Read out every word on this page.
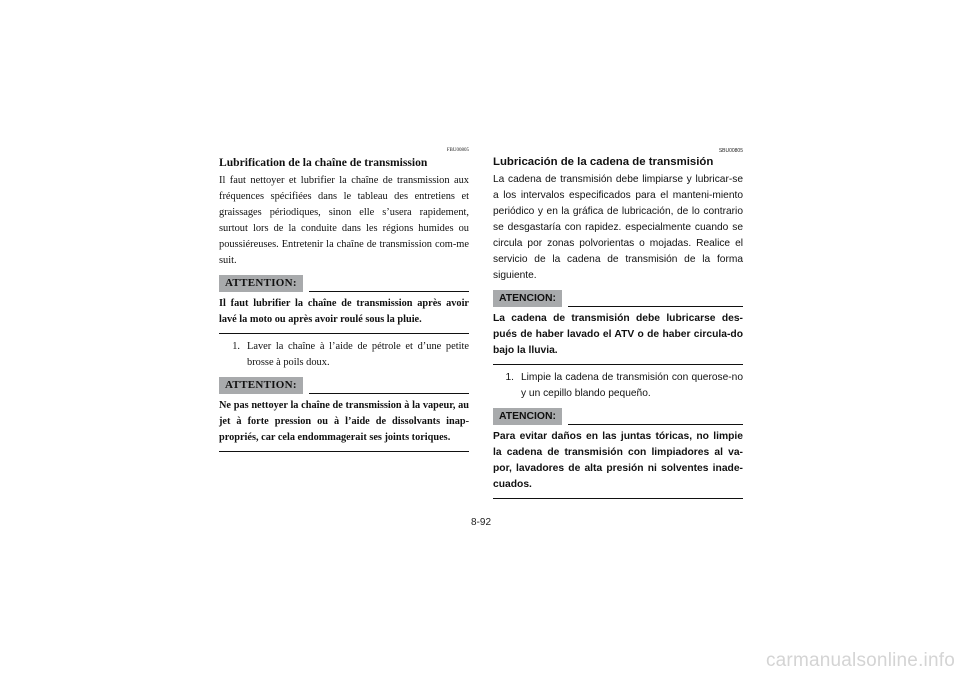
FBU00805
Lubrification de la chaîne de transmission

Il faut nettoyer et lubrifier la chaîne de transmission aux fréquences spécifiées dans le tableau des entretiens et graissages périodiques, sinon elle s’usera rapidement, surtout lors de la conduite dans les régions humides ou poussiéreuses. Entretenir la chaîne de transmission com-me suit.

ATTENTION:

Il faut lubrifier la chaîne de transmission après avoir lavé la moto ou après avoir roulé sous la pluie.

1. Laver la chaîne à l’aide de pétrole et d’une petite brosse à poils doux.
ATTENTION:

Ne pas nettoyer la chaîne de transmission à la vapeur, au jet à forte pression ou à l’aide de dissolvants inap-propriés, car cela endommagerait ses joints toriques.

SBU00805
Lubricación de la cadena de transmisión

La cadena de transmisión debe limpiarse y lubricar-se a los intervalos especificados para el manteni-miento periódico y en la gráfica de lubricación, de lo contrario se desgastaría con rapidez. especialmente cuando se circula por zonas polvorientas o mojadas. Realice el servicio de la cadena de transmisión de la forma siguiente.

ATENCION:

La cadena de transmisión debe lubricarse des-pués de haber lavado el ATV o de haber circula-do bajo la lluvia.

1. Limpie la cadena de transmisión con querose-no y un cepillo blando pequeño.
ATENCION:

Para evitar daños en las juntas tóricas, no limpie la cadena de transmisión con limpiadores al va-por, lavadores de alta presión ni solventes inade-cuados.

8-92
carmanualsonline.info
